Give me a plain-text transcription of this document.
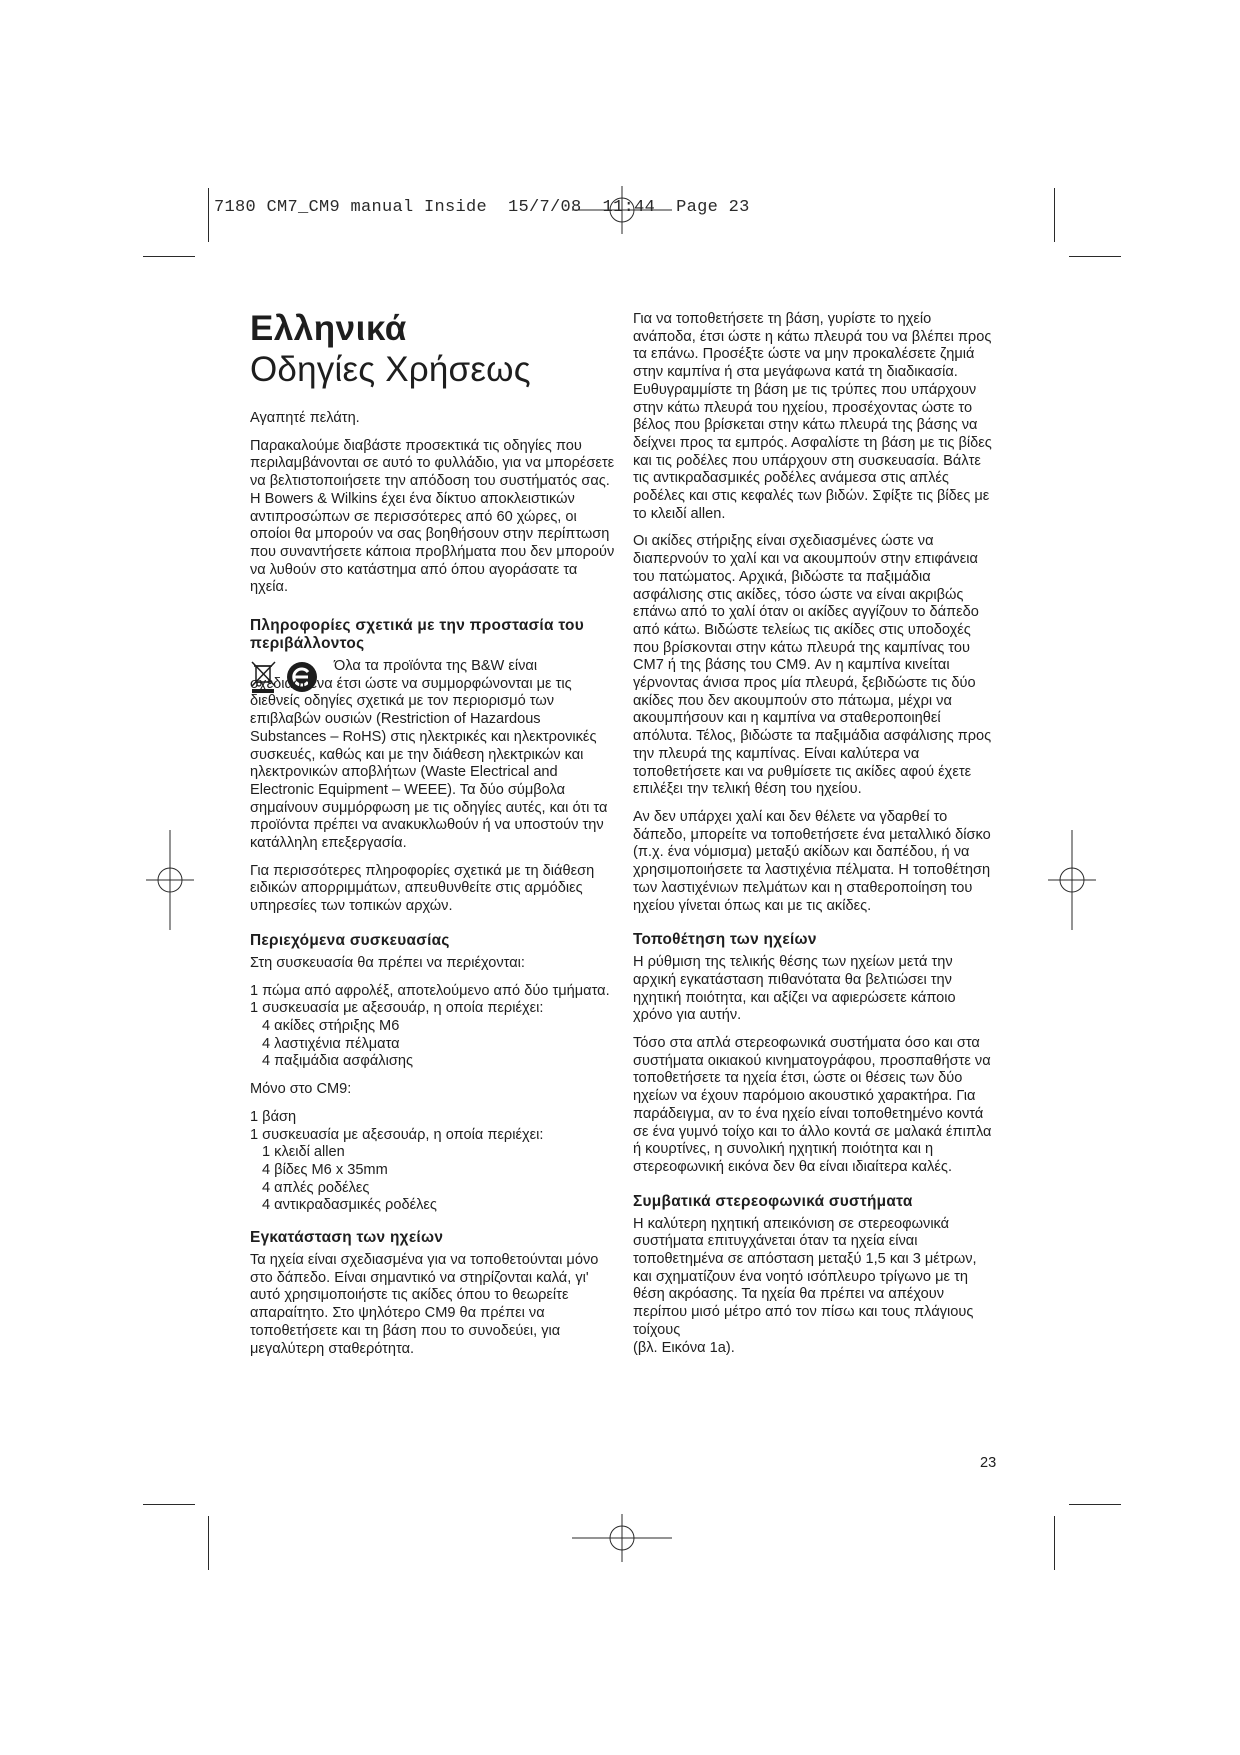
7180 CM7_CM9 manual Inside  15/7/08  11:44  Page 23
Ελληνικά
Οδηγίες Χρήσεως

Αγαπητέ πελάτη.

Παρακαλούμε διαβάστε προσεκτικά τις οδηγίες που περιλαμβάνονται σε αυτό το φυλλάδιο, για να μπορέσετε να βελτιστοποιήσετε την απόδοση του συστήματός σας. Η Bowers & Wilkins έχει ένα δίκτυο αποκλειστικών αντιπροσώπων σε περισσότερες από 60 χώρες, οι οποίοι θα μπορούν να σας βοηθήσουν στην περίπτωση που συναντήσετε κάποια προβλήματα που δεν μπορούν να λυθούν στο κατάστημα από όπου αγοράσατε τα ηχεία.

Πληροφορίες σχετικά με την προστασία του περιβάλλοντος

Όλα τα προϊόντα της B&W είναι σχεδιασμένα έτσι ώστε να συμμορφώνονται με τις διεθνείς οδηγίες σχετικά με τον περιορισμό των επιβλαβών ουσιών (Restriction of Hazardous Substances – RoHS) στις ηλεκτρικές και ηλεκτρονικές συσκευές, καθώς και με την διάθεση ηλεκτρικών και ηλεκτρονικών αποβλήτων (Waste Electrical and Electronic Equipment – WEEE). Τα δύο σύμβολα σημαίνουν συμμόρφωση με τις οδηγίες αυτές, και ότι τα προϊόντα πρέπει να ανακυκλωθούν ή να υποστούν την κατάλληλη επεξεργασία.

Για περισσότερες πληροφορίες σχετικά με τη διάθεση ειδικών απορριμμάτων, απευθυνθείτε στις αρμόδιες υπηρεσίες των τοπικών αρχών.

Περιεχόμενα συσκευασίας

Στη συσκευασία θα πρέπει να περιέχονται:

1 πώμα από αφρολέξ, αποτελούμενο από δύο τμήματα.

1 συσκευασία με αξεσουάρ, η οποία περιέχει:

4 ακίδες στήριξης M6

4 λαστιχένια πέλματα

4 παξιμάδια ασφάλισης

Μόνο στο CM9:

1 βάση

1 συσκευασία με αξεσουάρ, η οποία περιέχει:

1 κλειδί allen

4 βίδες M6 x 35mm

4 απλές ροδέλες

4 αντικραδασμικές ροδέλες

Εγκατάσταση των ηχείων

Τα ηχεία είναι σχεδιασμένα για να τοποθετούνται μόνο στο δάπεδο. Είναι σημαντικό να στηρίζονται καλά, γι' αυτό χρησιμοποιήστε τις ακίδες όπου το θεωρείτε απαραίτητο. Στο ψηλότερο CM9 θα πρέπει να τοποθετήσετε και τη βάση που το συνοδεύει, για μεγαλύτερη σταθερότητα.

Για να τοποθετήσετε τη βάση, γυρίστε το ηχείο ανάποδα, έτσι ώστε η κάτω πλευρά του να βλέπει προς τα επάνω. Προσέξτε ώστε να μην προκαλέσετε ζημιά στην καμπίνα ή στα μεγάφωνα κατά τη διαδικασία. Ευθυγραμμίστε τη βάση με τις τρύπες που υπάρχουν στην κάτω πλευρά του ηχείου, προσέχοντας ώστε το βέλος που βρίσκεται στην κάτω πλευρά της βάσης να δείχνει προς τα εμπρός. Ασφαλίστε τη βάση με τις βίδες και τις ροδέλες που υπάρχουν στη συσκευασία. Βάλτε τις αντικραδασμικές ροδέλες ανάμεσα στις απλές ροδέλες και στις κεφαλές των βιδών. Σφίξτε τις βίδες με το κλειδί allen.

Οι ακίδες στήριξης είναι σχεδιασμένες ώστε να διαπερνούν το χαλί και να ακουμπούν στην επιφάνεια του πατώματος. Αρχικά, βιδώστε τα παξιμάδια ασφάλισης στις ακίδες, τόσο ώστε να είναι ακριβώς επάνω από το χαλί όταν οι ακίδες αγγίζουν το δάπεδο από κάτω. Βιδώστε τελείως τις ακίδες στις υποδοχές που βρίσκονται στην κάτω πλευρά της καμπίνας του CM7 ή της βάσης του CM9. Αν η καμπίνα κινείται γέρνοντας άνισα προς μία πλευρά, ξεβιδώστε τις δύο ακίδες που δεν ακουμπούν στο πάτωμα, μέχρι να ακουμπήσουν και η καμπίνα να σταθεροποιηθεί απόλυτα. Τέλος, βιδώστε τα παξιμάδια ασφάλισης προς την πλευρά της καμπίνας. Είναι καλύτερα να τοποθετήσετε και να ρυθμίσετε τις ακίδες αφού έχετε επιλέξει την τελική θέση του ηχείου.

Αν δεν υπάρχει χαλί και δεν θέλετε να γδαρθεί το δάπεδο, μπορείτε να τοποθετήσετε ένα μεταλλικό δίσκο (π.χ. ένα νόμισμα) μεταξύ ακίδων και δαπέδου, ή να χρησιμοποιήσετε τα λαστιχένια πέλματα. Η τοποθέτηση των λαστιχένιων πελμάτων και η σταθεροποίηση του ηχείου γίνεται όπως και με τις ακίδες.

Τοποθέτηση των ηχείων

Η ρύθμιση της τελικής θέσης των ηχείων μετά την αρχική εγκατάσταση πιθανότατα θα βελτιώσει την ηχητική ποιότητα, και αξίζει να αφιερώσετε κάποιο χρόνο για αυτήν.

Τόσο στα απλά στερεοφωνικά συστήματα όσο και στα συστήματα οικιακού κινηματογράφου, προσπαθήστε να τοποθετήσετε τα ηχεία έτσι, ώστε οι θέσεις των δύο ηχείων να έχουν παρόμοιο ακουστικό χαρακτήρα. Για παράδειγμα, αν το ένα ηχείο είναι τοποθετημένο κοντά σε ένα γυμνό τοίχο και το άλλο κοντά σε μαλακά έπιπλα ή κουρτίνες, η συνολική ηχητική ποιότητα και η στερεοφωνική εικόνα δεν θα είναι ιδιαίτερα καλές.

Συμβατικά στερεοφωνικά συστήματα

Η καλύτερη ηχητική απεικόνιση σε στερεοφωνικά συστήματα επιτυγχάνεται όταν τα ηχεία είναι τοποθετημένα σε απόσταση μεταξύ 1,5 και 3 μέτρων, και σχηματίζουν ένα νοητό ισόπλευρο τρίγωνο με τη θέση ακρόασης. Τα ηχεία θα πρέπει να απέχουν περίπου μισό μέτρο από τον πίσω και τους πλάγιους τοίχους
(βλ. Εικόνα 1a).

23
